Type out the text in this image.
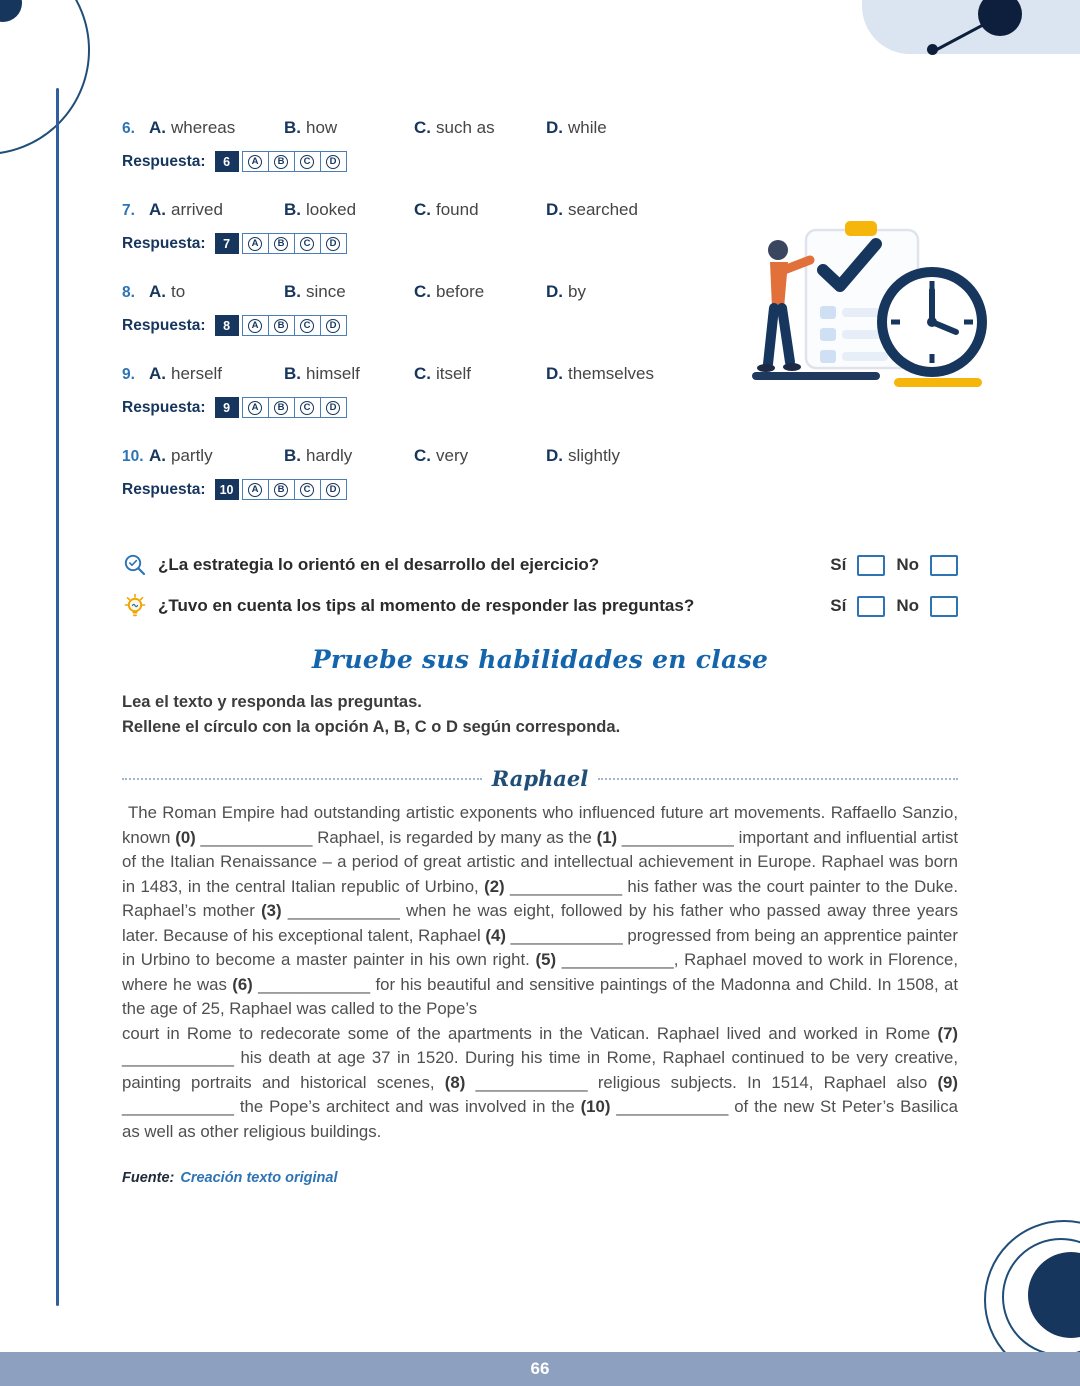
6. A. whereas	B. how	C. such as	D. while
Respuesta:	6	A	B	C	D
7. A. arrived	B. looked	C. found	D. searched
Respuesta:	7	A	B	C	D
8. A. to	B. since	C. before	D. by
Respuesta:	8	A	B	C	D
9. A. herself	B. himself	C. itself	D. themselves
Respuesta:	9	A	B	C	D
10. A. partly	B. hardly	C. very	D. slightly
Respuesta:	10	A	B	C	D
¿La estrategia lo orientó en el desarrollo del ejercicio?	Sí	No
¿Tuvo en cuenta los tips al momento de responder las preguntas?	Sí	No
Pruebe sus habilidades en clase
Lea el texto y responda las preguntas.
Rellene el círculo con la opción A, B, C o D según corresponda.
Raphael
The Roman Empire had outstanding artistic exponents who influenced future art movements. Raffaello Sanzio, known (0) ____________ Raphael, is regarded by many as the (1) ____________ important and influential artist of the Italian Renaissance – a period of great artistic and intellectual achievement in Europe. Raphael was born in 1483, in the central Italian republic of Urbino, (2) ____________ his father was the court painter to the Duke. Raphael’s mother (3) ____________ when he was eight, followed by his father who passed away three years later. Because of his exceptional talent, Raphael (4) ____________ progressed from being an apprentice painter in Urbino to become a master painter in his own right. (5) ____________, Raphael moved to work in Florence, where he was (6) ____________ for his beautiful and sensitive paintings of the Madonna and Child. In 1508, at the age of 25, Raphael was called to the Pope’s
court in Rome to redecorate some of the apartments in the Vatican. Raphael lived and worked in Rome (7) ____________ his death at age 37 in 1520. During his time in Rome, Raphael continued to be very creative, painting portraits and historical scenes, (8) ____________ religious subjects. In 1514, Raphael also (9) ____________ the Pope’s architect and was involved in the (10) ____________ of the new St Peter’s Basilica as well as other religious buildings.
Fuente: Creación texto original
66
